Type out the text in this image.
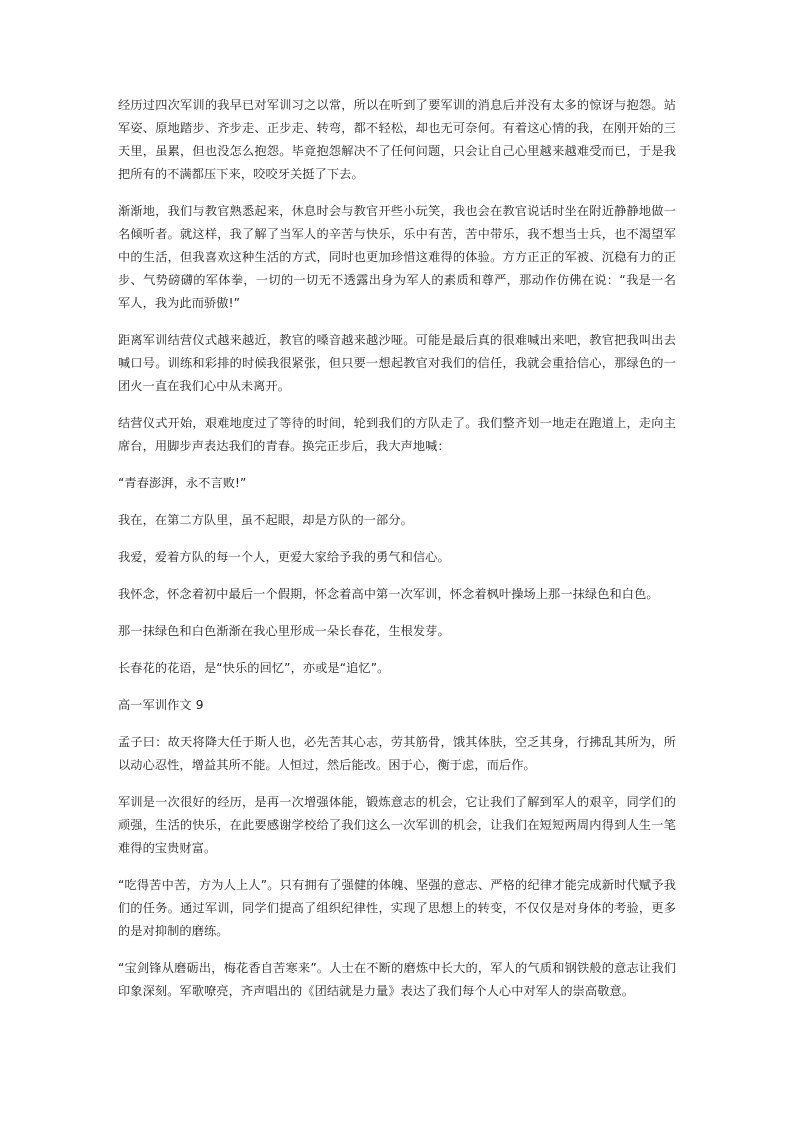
经历过四次军训的我早已对军训习之以常，所以在听到了要军训的消息后并没有太多的惊讶与抱怨。站军姿、原地踏步、齐步走、正步走、转弯，都不轻松，却也无可奈何。有着这心情的我，在刚开始的三天里，虽累，但也没怎么抱怨。毕竟抱怨解决不了任何问题，只会让自己心里越来越难受而已，于是我把所有的不满都压下来，咬咬牙关挺了下去。

渐渐地，我们与教官熟悉起来，休息时会与教官开些小玩笑，我也会在教官说话时坐在附近静静地做一名倾听者。就这样，我了解了当军人的辛苦与快乐，乐中有苦，苦中带乐，我不想当士兵，也不渴望军中的生活，但我喜欢这种生活的方式，同时也更加珍惜这难得的体验。方方正正的军被、沉稳有力的正步、气势磅礴的军体拳，一切的一切无不透露出身为军人的素质和尊严，那动作仿佛在说：“我是一名军人，我为此而骄傲!”

距离军训结营仪式越来越近，教官的嗓音越来越沙哑。可能是最后真的很难喊出来吧，教官把我叫出去喊口号。训练和彩排的时候我很紧张，但只要一想起教官对我们的信任，我就会重拾信心，那绿色的一团火一直在我们心中从未离开。

结营仪式开始，艰难地度过了等待的时间，轮到我们的方队走了。我们整齐划一地走在跑道上，走向主席台，用脚步声表达我们的青春。换完正步后，我大声地喊：

“青春澎湃，永不言败!”

我在，在第二方队里，虽不起眼，却是方队的一部分。

我爱，爱着方队的每一个人，更爱大家给予我的勇气和信心。

我怀念，怀念着初中最后一个假期，怀念着高中第一次军训，怀念着枫叶操场上那一抹绿色和白色。

那一抹绿色和白色渐渐在我心里形成一朵长春花，生根发芽。

长春花的花语，是“快乐的回忆”，亦或是“追忆”。

高一军训作文 9

孟子曰：故天将降大任于斯人也，必先苦其心志，劳其筋骨，饿其体肤，空乏其身，行拂乱其所为，所以动心忍性，增益其所不能。人恒过，然后能改。困于心，衡于虑，而后作。

军训是一次很好的经历，是再一次增强体能，锻炼意志的机会，它让我们了解到军人的艰辛，同学们的顽强，生活的快乐，在此要感谢学校给了我们这么一次军训的机会，让我们在短短两周内得到人生一笔难得的宝贵财富。

“吃得苦中苦，方为人上人”。只有拥有了强健的体魄、坚强的意志、严格的纪律才能完成新时代赋予我们的任务。通过军训，同学们提高了组织纪律性，实现了思想上的转变，不仅仅是对身体的考验，更多的是对抑制的磨练。

“宝剑锋从磨砺出，梅花香自苦寒来”。人士在不断的磨炼中长大的，军人的气质和钢铁般的意志让我们印象深刻。军歌嘹亮，齐声唱出的《团结就是力量》表达了我们每个人心中对军人的崇高敬意。
